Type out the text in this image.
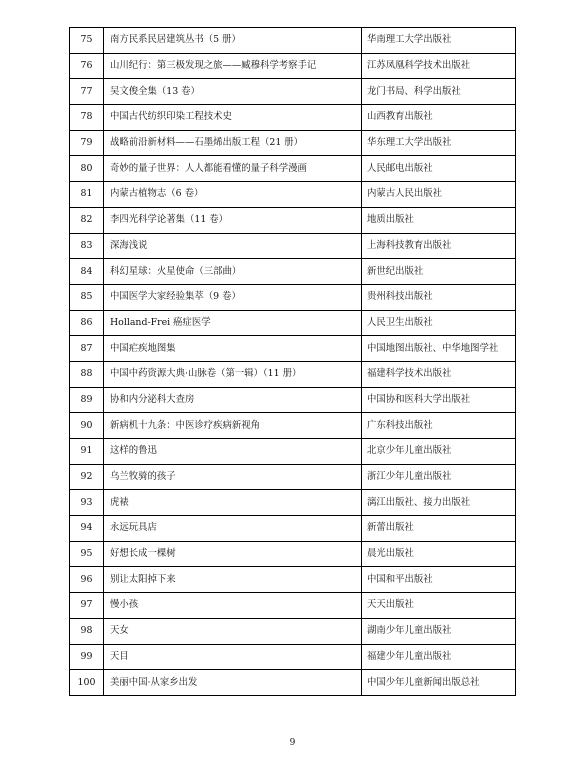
75	南方民系民居建筑丛书（5 册）	华南理工大学出版社
76	山川纪行：第三极发现之旅——臧穆科学考察手记	江苏凤凰科学技术出版社
77	吴文俊全集（13 卷）	龙门书局、科学出版社
78	中国古代纺织印染工程技术史	山西教育出版社
79	战略前沿新材料——石墨烯出版工程（21 册）	华东理工大学出版社
80	奇妙的量子世界：人人都能看懂的量子科学漫画	人民邮电出版社
81	内蒙古植物志（6 卷）	内蒙古人民出版社
82	李四光科学论著集（11 卷）	地质出版社
83	深海浅说	上海科技教育出版社
84	科幻星球：火星使命（三部曲）	新世纪出版社
85	中国医学大家经验集萃（9 卷）	贵州科技出版社
86	Holland-Frei 癌症医学	人民卫生出版社
87	中国疟疾地图集	中国地图出版社、中华地图学社
88	中国中药资源大典·山脉卷（第一辑）（11 册）	福建科学技术出版社
89	协和内分泌科大查房	中国协和医科大学出版社
90	新病机十九条：中医诊疗疾病新视角	广东科技出版社
91	这样的鲁迅	北京少年儿童出版社
92	乌兰牧骑的孩子	浙江少年儿童出版社
93	虎裱	漓江出版社、接力出版社
94	永远玩具店	新蕾出版社
95	好想长成一棵树	晨光出版社
96	别让太阳掉下来	中国和平出版社
97	慢小孩	天天出版社
98	天女	湖南少年儿童出版社
99	天目	福建少年儿童出版社
100	美丽中国·从家乡出发	中国少年儿童新闻出版总社
9
